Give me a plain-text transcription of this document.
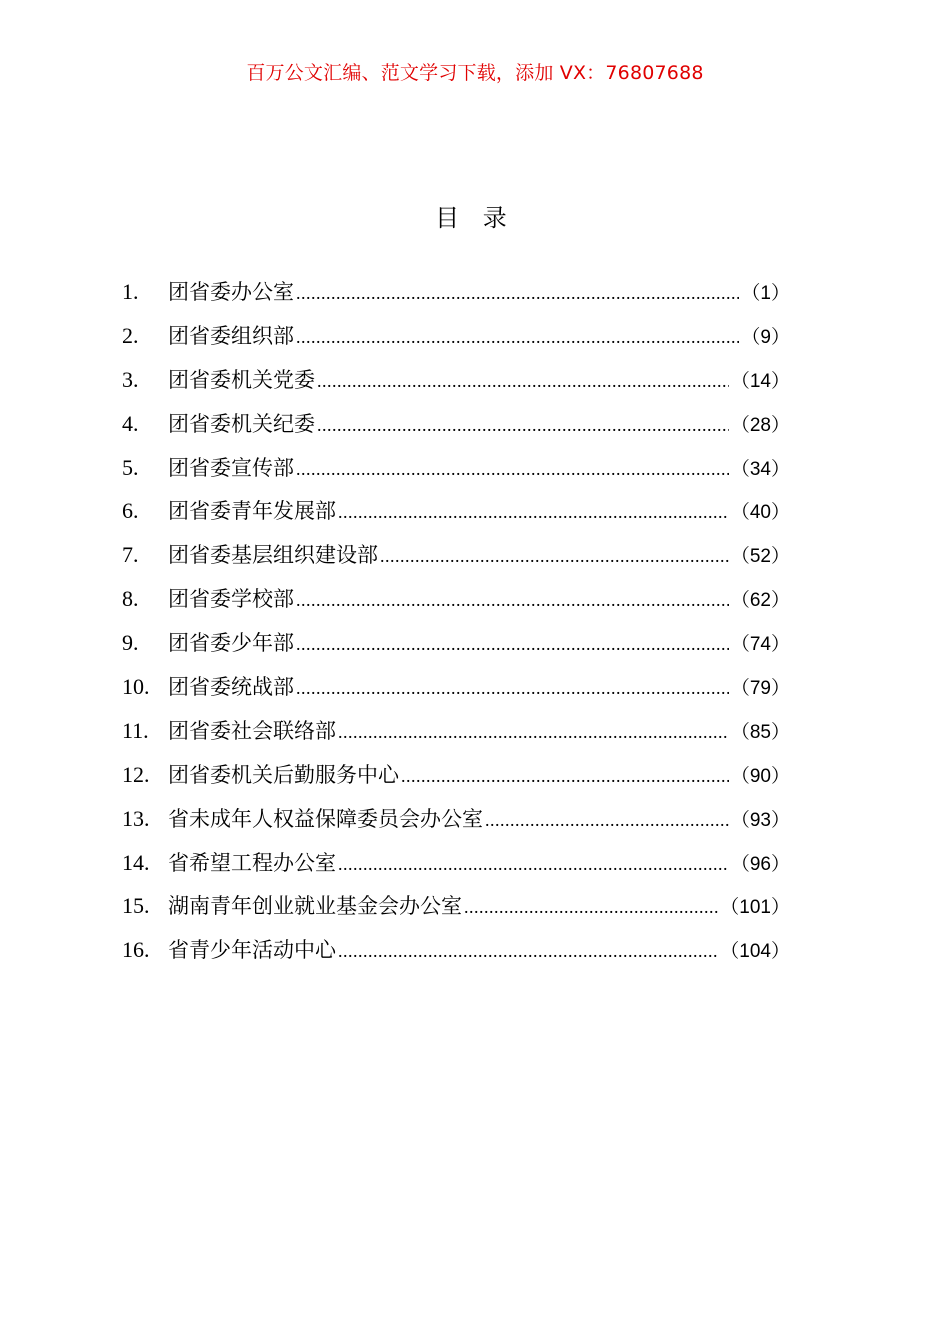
百万公文汇编、范文学习下载，添加 VX：76807688
目 录
1.	团省委办公室 .....	（1）
2.	团省委组织部 .....	（9）
3.	团省委机关党委 .....	（14）
4.	团省委机关纪委 .....	（28）
5.	团省委宣传部 .....	（34）
6.	团省委青年发展部 .....	（40）
7.	团省委基层组织建设部 .....	（52）
8.	团省委学校部 .....	（62）
9.	团省委少年部 .....	（74）
10. 团省委统战部 .....	（79）
11. 团省委社会联络部 .....	（85）
12. 团省委机关后勤服务中心 .....	（90）
13. 省未成年人权益保障委员会办公室 .....	（93）
14. 省希望工程办公室 .....	（96）
15. 湖南青年创业就业基金会办公室 .....	（101）
16. 省青少年活动中心 .....	（104）
